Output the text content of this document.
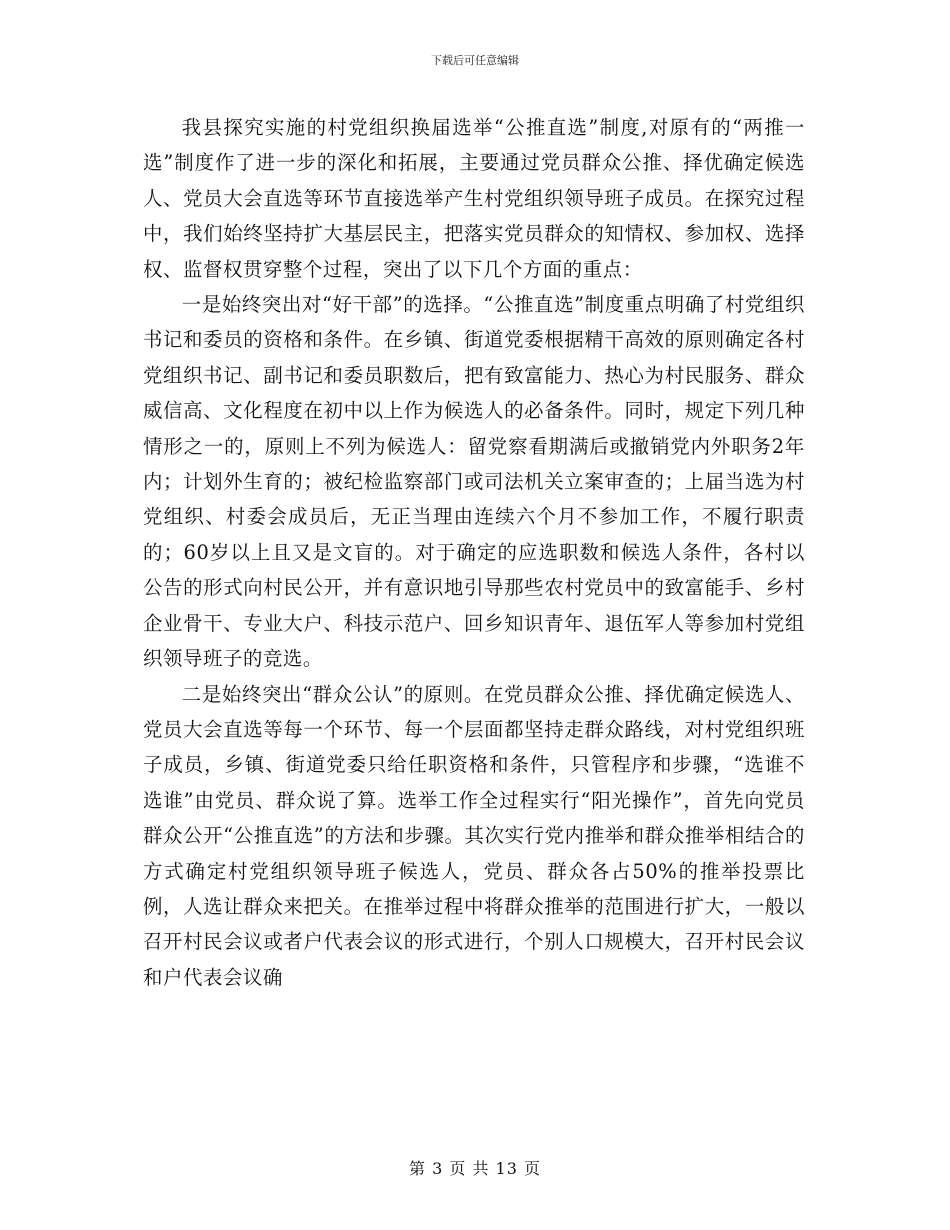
下载后可任意编辑

我县探究实施的村党组织换届选举“公推直选”制度,对原有的“两推一选”制度作了进一步的深化和拓展，主要通过党员群众公推、择优确定候选人、党员大会直选等环节直接选举产生村党组织领导班子成员。在探究过程中，我们始终坚持扩大基层民主，把落实党员群众的知情权、参加权、选择权、监督权贯穿整个过程，突出了以下几个方面的重点：

一是始终突出对“好干部”的选择。“公推直选”制度重点明确了村党组织书记和委员的资格和条件。在乡镇、街道党委根据精干高效的原则确定各村党组织书记、副书记和委员职数后，把有致富能力、热心为村民服务、群众威信高、文化程度在初中以上作为候选人的必备条件。同时，规定下列几种情形之一的，原则上不列为候选人：留党察看期满后或撤销党内外职务2年内；计划外生育的；被纪检监察部门或司法机关立案审查的；上届当选为村党组织、村委会成员后，无正当理由连续六个月不参加工作，不履行职责的；60岁以上且又是文盲的。对于确定的应选职数和候选人条件，各村以公告的形式向村民公开，并有意识地引导那些农村党员中的致富能手、乡村企业骨干、专业大户、科技示范户、回乡知识青年、退伍军人等参加村党组织领导班子的竞选。

二是始终突出“群众公认”的原则。在党员群众公推、择优确定候选人、党员大会直选等每一个环节、每一个层面都坚持走群众路线，对村党组织班子成员，乡镇、街道党委只给任职资格和条件，只管程序和步骤，“选谁不选谁”由党员、群众说了算。选举工作全过程实行“阳光操作”，首先向党员群众公开“公推直选”的方法和步骤。其次实行党内推举和群众推举相结合的方式确定村党组织领导班子候选人，党员、群众各占50%的推举投票比例，人选让群众来把关。在推举过程中将群众推举的范围进行扩大，一般以召开村民会议或者户代表会议的形式进行，个别人口规模大，召开村民会议和户代表会议确

第 3 页 共 13 页
